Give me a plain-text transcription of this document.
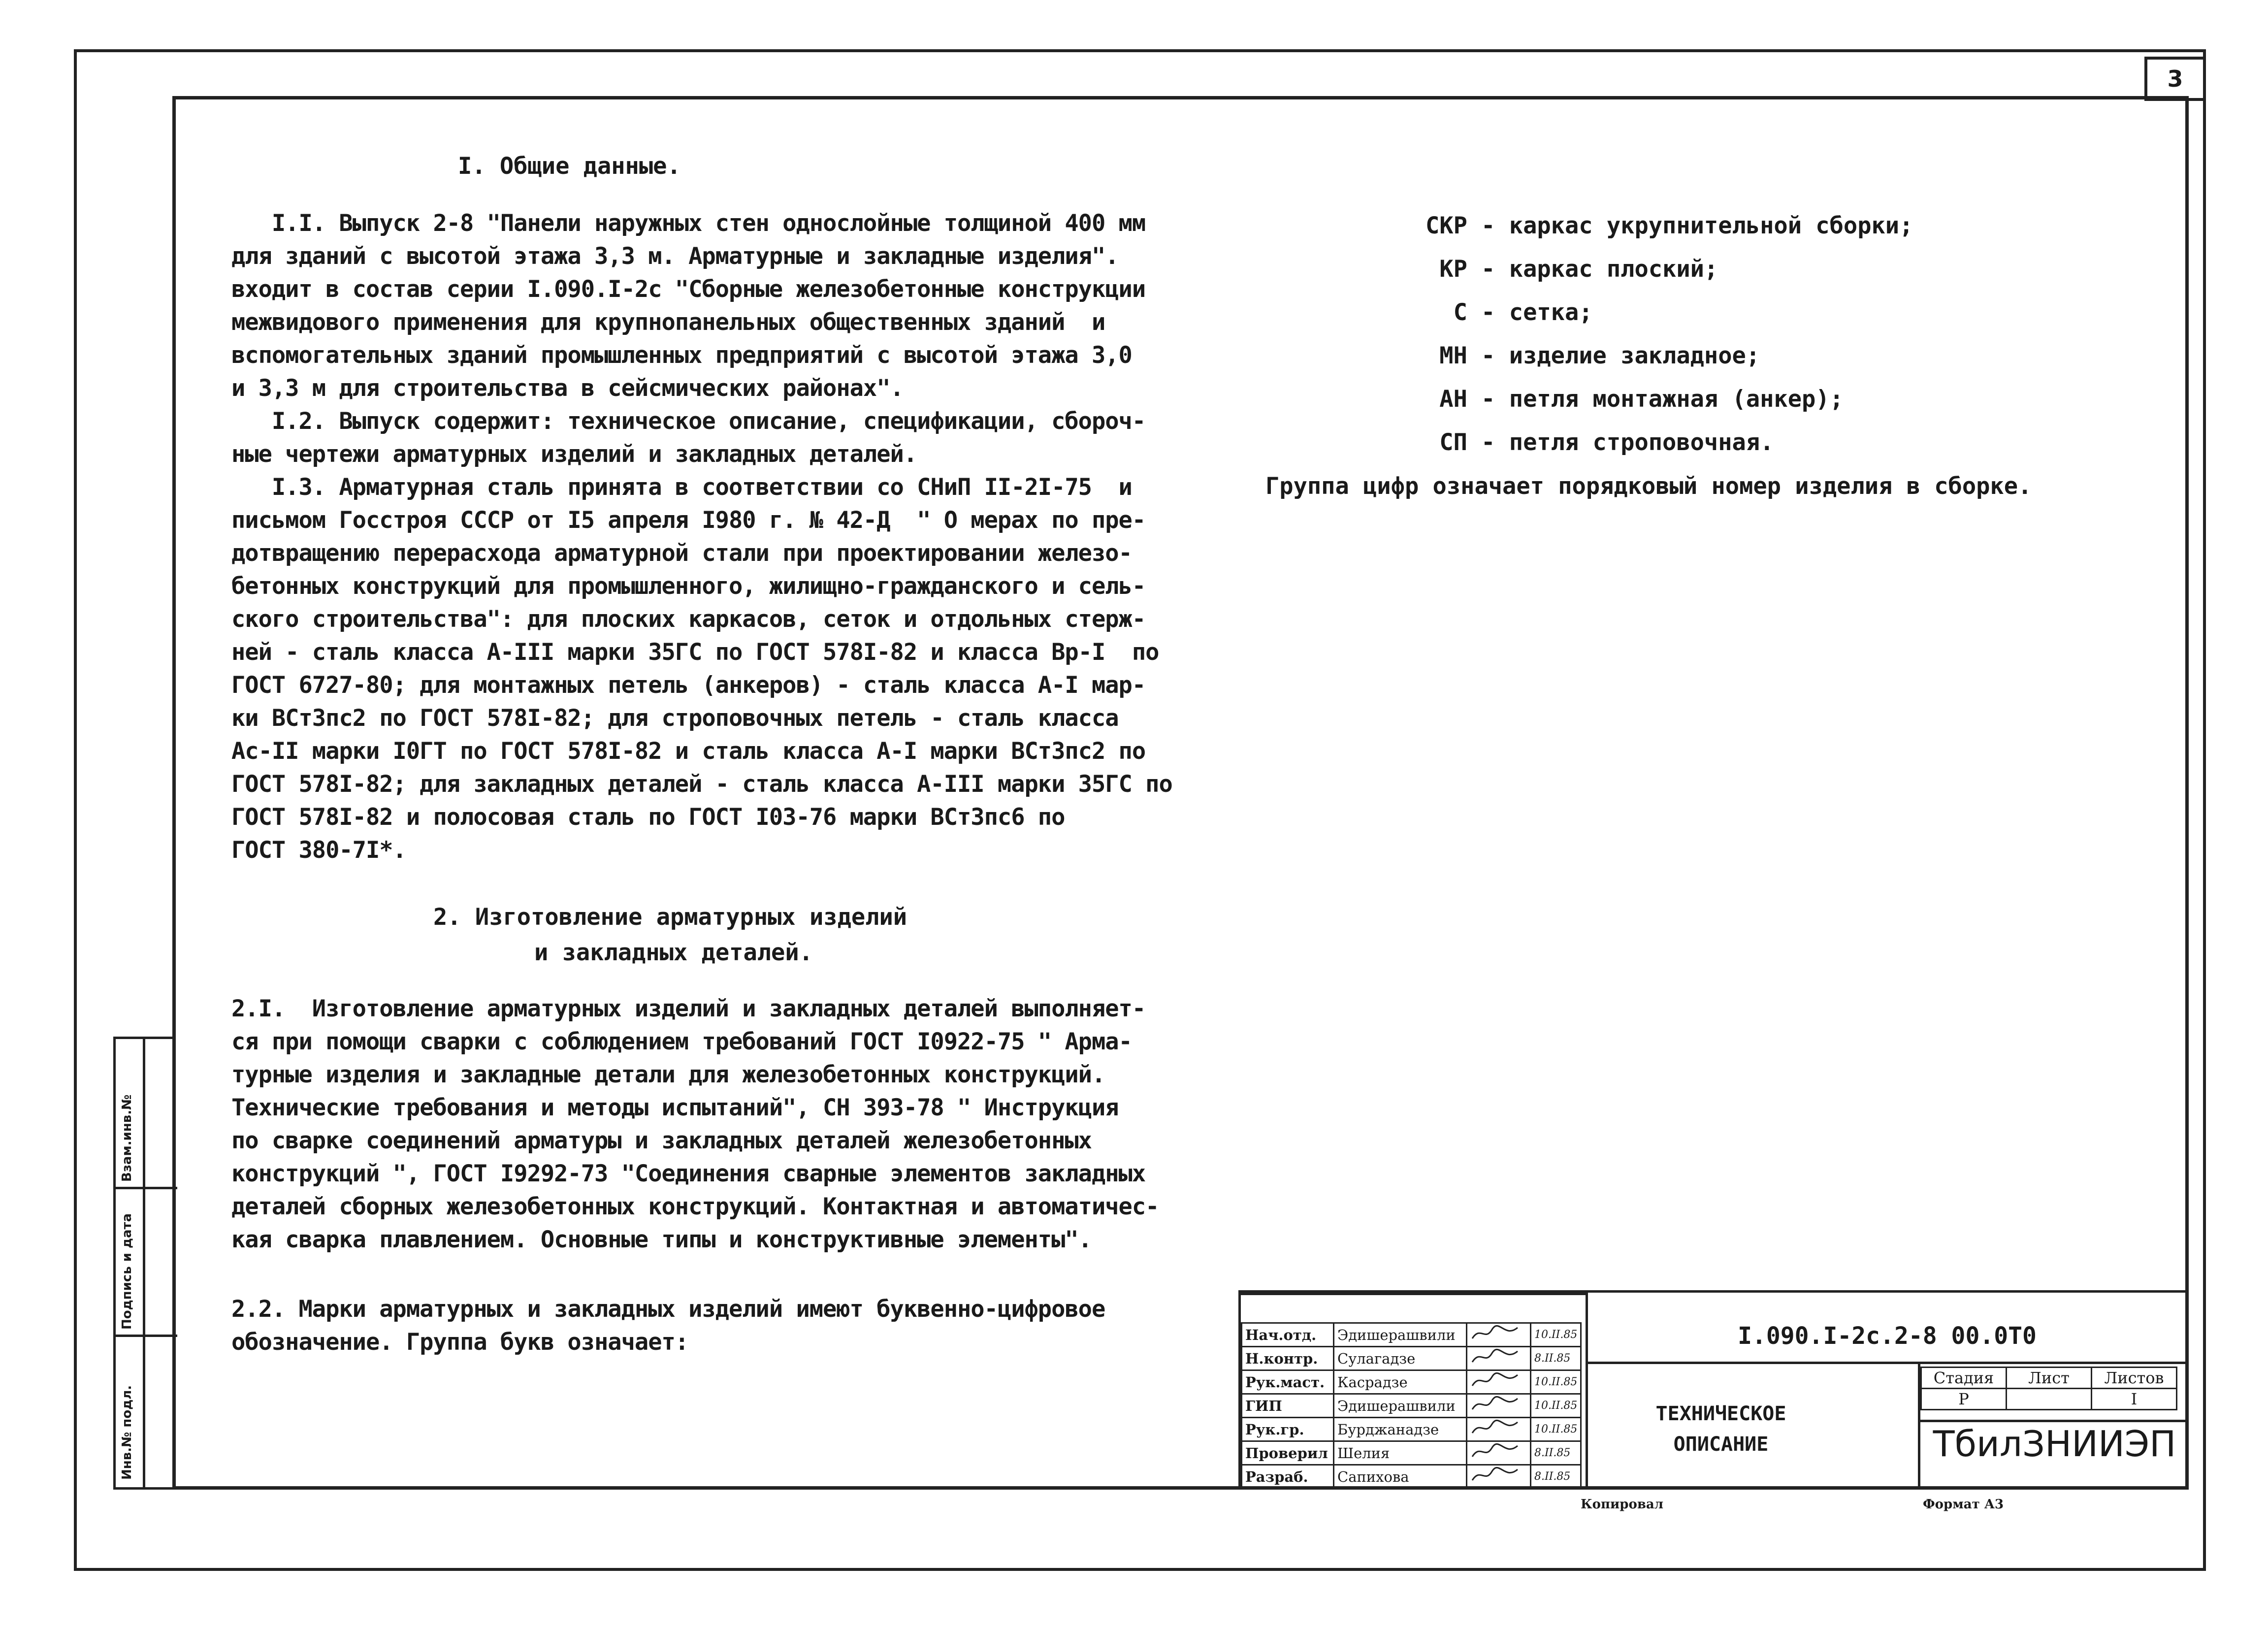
3
I. Общие данные.
I.I. Выпуск 2-8 "Панели наружных стен однослойные толщиной 400 мм
для зданий с высотой этажа 3,3 м. Арматурные и закладные изделия".
входит в состав серии I.090.I-2с "Сборные железобетонные конструкции
межвидового применения для крупнопанельных общественных зданий  и
вспомогательных зданий промышленных предприятий с высотой этажа 3,0
и 3,3 м для строительства в сейсмических районах".
I.2. Выпуск содержит: техническое описание, спецификации, сбороч-
ные чертежи арматурных изделий и закладных деталей.
I.3. Арматурная сталь принята в соответствии со СНиП II-2I-75  и
письмом Госстроя СССР от I5 апреля I980 г. № 42-Д  " О мерах по пре-
дотвращению перерасхода арматурной стали при проектировании железо-
бетонных конструкций для промышленного, жилищно-гражданского и сель-
ского строительства": для плоских каркасов, сеток и отдольных стерж-
ней - сталь класса А-III марки 35ГС по ГОСТ 578I-82 и класса Вр-I  по
ГОСТ 6727-80; для монтажных петель (анкеров) - сталь класса А-I мар-
ки ВСт3пс2 по ГОСТ 578I-82; для строповочных петель - сталь класса
Ас-II марки I0ГТ по ГОСТ 578I-82 и сталь класса А-I марки ВСт3пс2 по
ГОСТ 578I-82; для закладных деталей - сталь класса А-III марки 35ГС по
ГОСТ 578I-82 и полосовая сталь по ГОСТ I03-76 марки ВСт3пс6 по
ГОСТ 380-7I*.
2. Изготовление арматурных изделий
и закладных деталей.
2.I.  Изготовление арматурных изделий и закладных деталей выполняет-
ся при помощи сварки с соблюдением требований ГОСТ I0922-75 " Арма-
турные изделия и закладные детали для железобетонных конструкций.
Технические требования и методы испытаний", СН 393-78 " Инструкция
по сварке соединений арматуры и закладных деталей железобетонных
конструкций ", ГОСТ I9292-73 "Соединения сварные элементов закладных
деталей сборных железобетонных конструкций. Контактная и автоматичес-
кая сварка плавлением. Основные типы и конструктивные элементы".
2.2. Марки арматурных и закладных изделий имеют буквенно-цифровое
обозначение. Группа букв означает:
СКР - каркас укрупнительной сборки;
КР - каркас плоский;
С - сетка;
МН - изделие закладное;
АН - петля монтажная (анкер);
СП - петля строповочная.
Группа цифр означает порядковый номер изделия в сборке.
Взам.инв.№
Подпись и дата
Инв.№ подл.
Нач.отд.	Эдишерашвили		10.II.85
Н.контр.	Сулагадзе		8.II.85
Рук.маст.	Касрадзе		10.II.85
ГИП	Эдишерашвили		10.II.85
Рук.гр.	Бурджанадзе		10.II.85
Проверил	Шелия		8.II.85
Разраб.	Сапихова		8.II.85
I.090.I-2с.2-8 00.0Т0
ТЕХНИЧЕСКОЕ
ОПИСАНИЕ
Стадия	Лист	Листов
Р		I
ТбилЗНИИЭП
Копировал	Формат А3
